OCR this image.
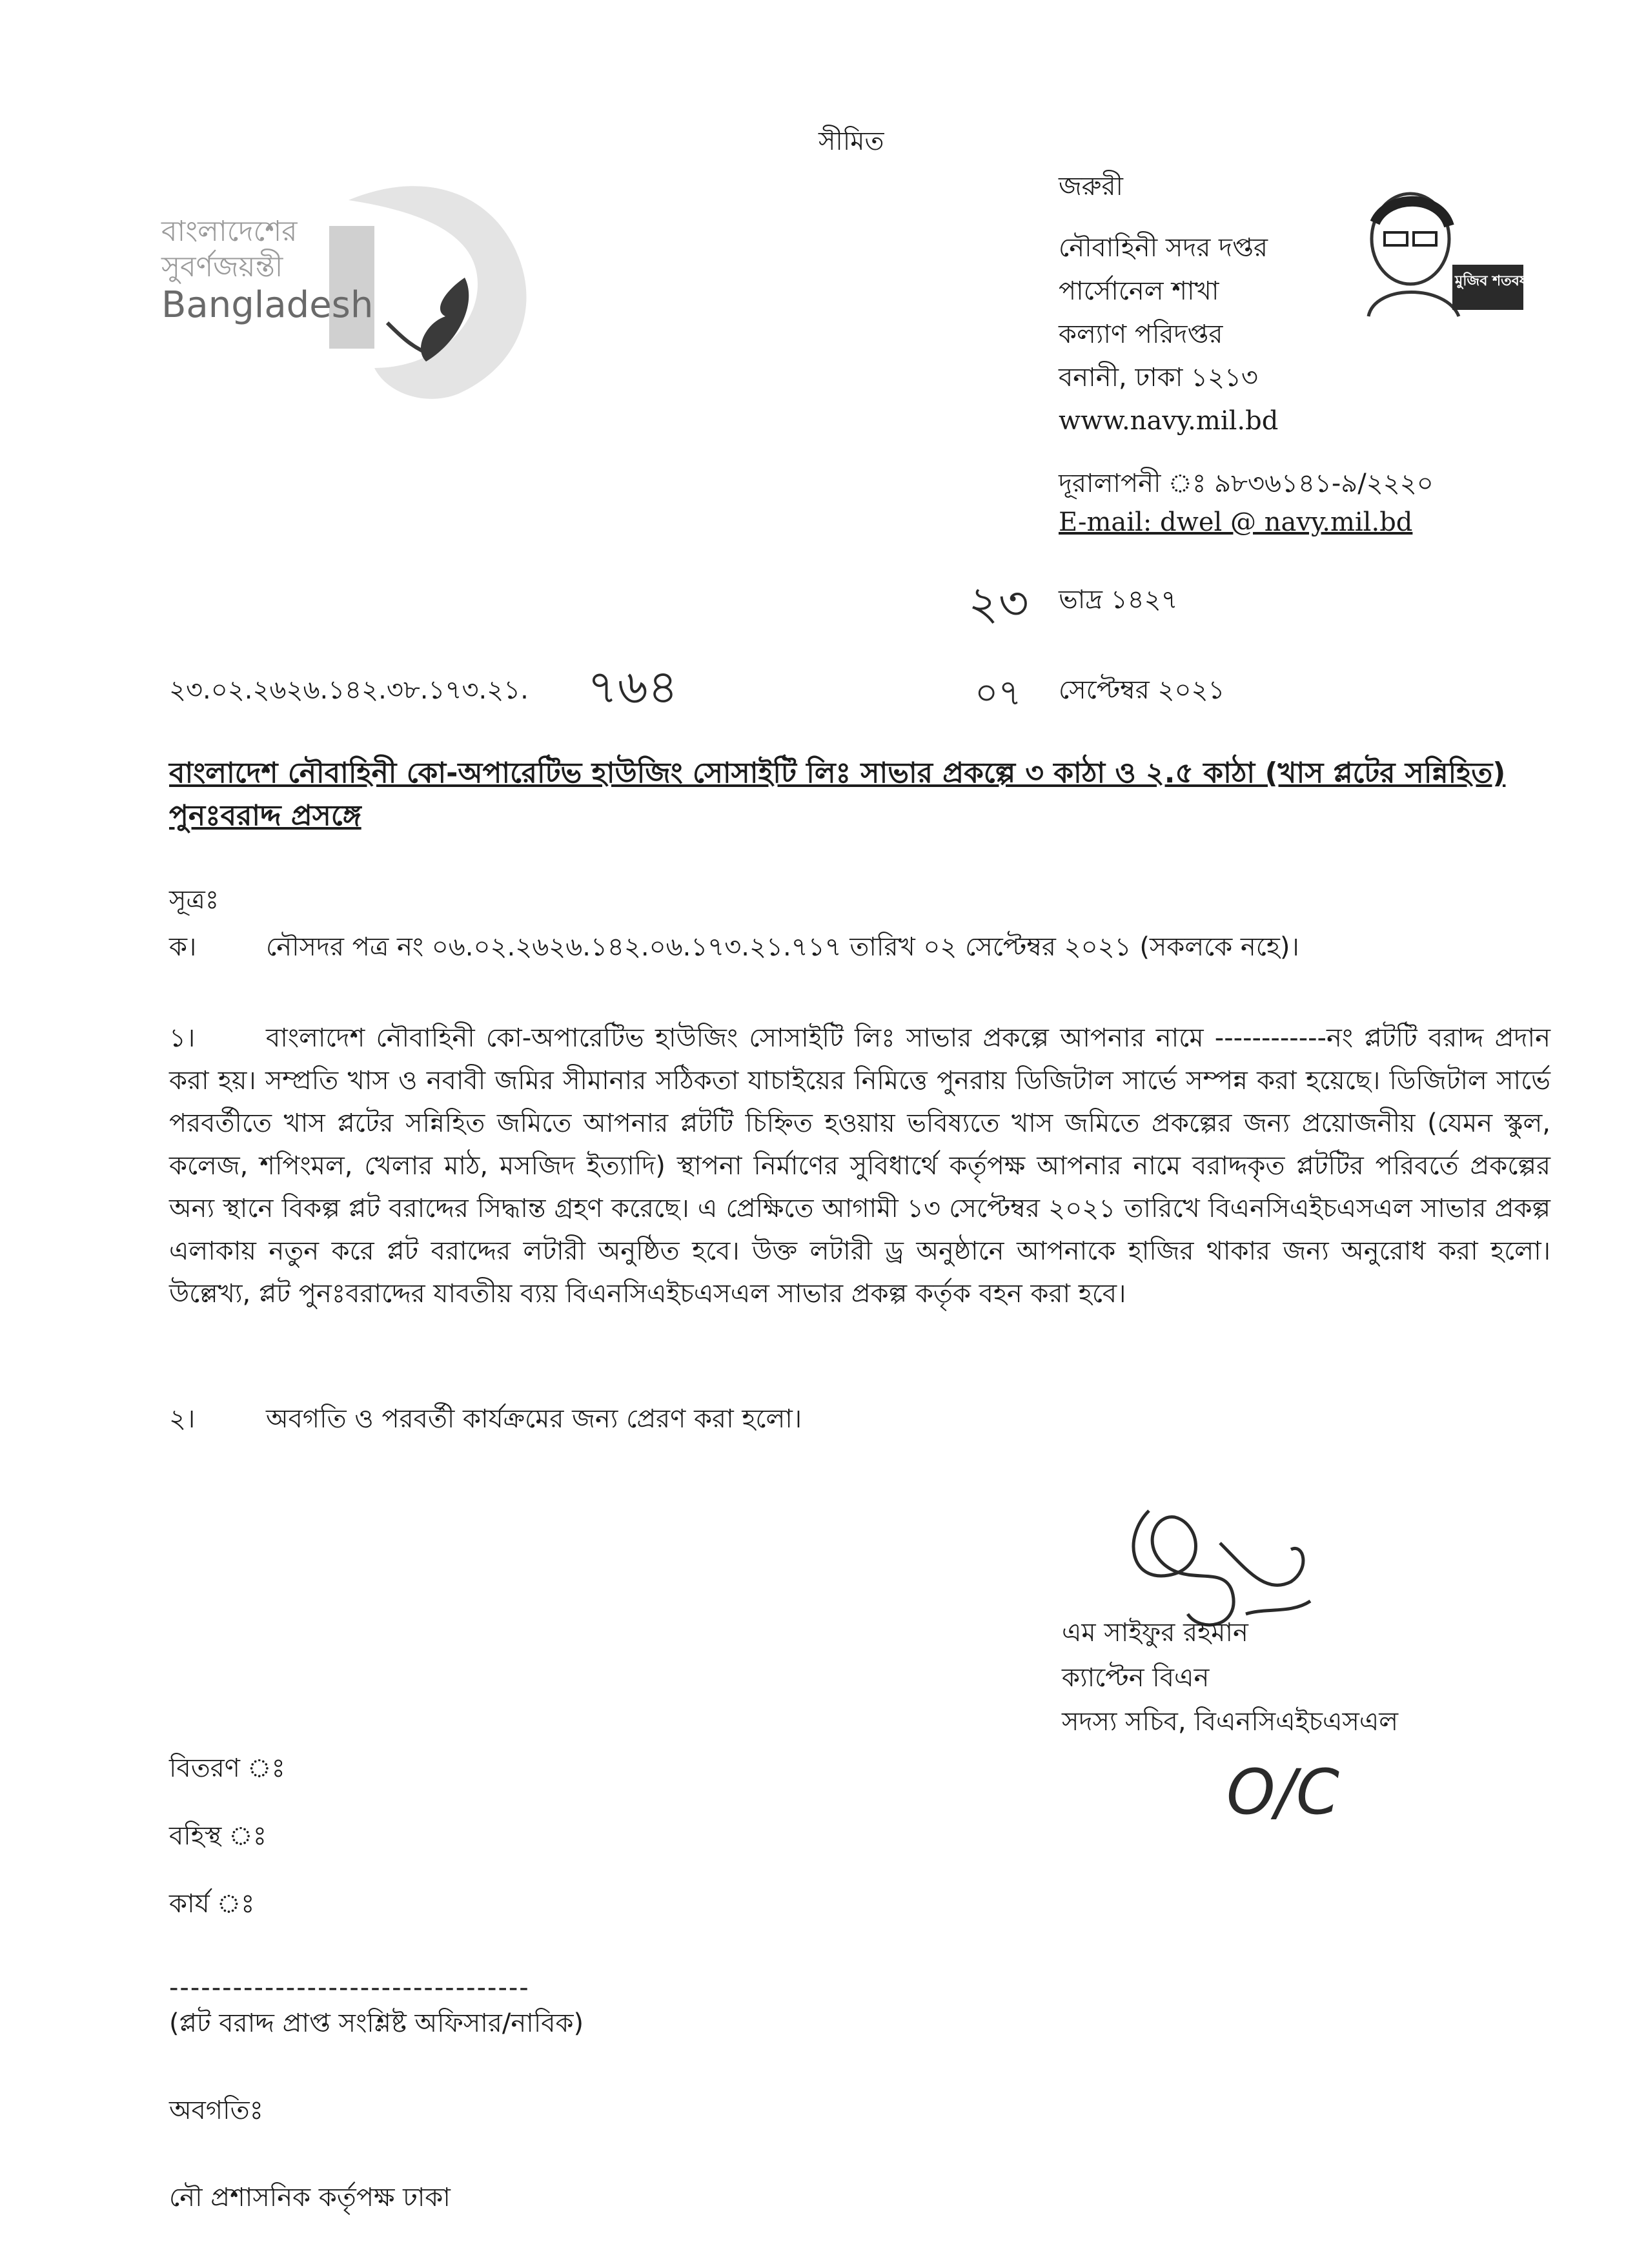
বাংলাদেশের
সুবর্ণজয়ন্তী
Bangladesh
সীমিত
জরুরী
নৌবাহিনী সদর দপ্তর
পার্সোনেল শাখা
কল্যাণ পরিদপ্তর
বনানী, ঢাকা ১২১৩
www.navy.mil.bd
দূরালাপনী ঃ ৯৮৩৬১৪১-৯/২২২০
E-mail: dwel @ navy.mil.bd
মুজিব শতবর্ষ
২৩ ভাদ্র ১৪২৭
২৩.০২.২৬২৬.১৪২.৩৮.১৭৩.২১. ৭৬৪	০৭ সেপ্টেম্বর ২০২১
বাংলাদেশ নৌবাহিনী কো-অপারেটিভ হাউজিং সোসাইটি লিঃ সাভার প্রকল্পে ৩ কাঠা ও ২.৫ কাঠা (খাস প্লটের সন্নিহিত)
পুনঃবরাদ্দ প্রসঙ্গে
সূত্রঃ
ক।	নৌসদর পত্র নং ০৬.০২.২৬২৬.১৪২.০৬.১৭৩.২১.৭১৭ তারিখ ০২ সেপ্টেম্বর ২০২১ (সকলকে নহে)।
১।	বাংলাদেশ নৌবাহিনী কো-অপারেটিভ হাউজিং সোসাইটি লিঃ সাভার প্রকল্পে আপনার নামে ------------নং প্লটটি বরাদ্দ প্রদান করা হয়। সম্প্রতি খাস ও নবাবী জমির সীমানার সঠিকতা যাচাইয়ের নিমিত্তে পুনরায় ডিজিটাল সার্ভে সম্পন্ন করা হয়েছে। ডিজিটাল সার্ভে পরবর্তীতে খাস প্লটের সন্নিহিত জমিতে আপনার প্লটটি চিহ্নিত হওয়ায় ভবিষ্যতে খাস জমিতে প্রকল্পের জন্য প্রয়োজনীয় (যেমন স্কুল, কলেজ, শপিংমল, খেলার মাঠ, মসজিদ ইত্যাদি) স্থাপনা নির্মাণের সুবিধার্থে কর্তৃপক্ষ আপনার নামে বরাদ্দকৃত প্লটটির পরিবর্তে প্রকল্পের অন্য স্থানে বিকল্প প্লট বরাদ্দের সিদ্ধান্ত গ্রহণ করেছে। এ প্রেক্ষিতে আগামী ১৩ সেপ্টেম্বর ২০২১ তারিখে বিএনসিএইচএসএল সাভার প্রকল্প এলাকায় নতুন করে প্লট বরাদ্দের লটারী অনুষ্ঠিত হবে। উক্ত লটারী ড্র অনুষ্ঠানে আপনাকে হাজির থাকার জন্য অনুরোধ করা হলো। উল্লেখ্য, প্লট পুনঃবরাদ্দের যাবতীয় ব্যয় বিএনসিএইচএসএল সাভার প্রকল্প কর্তৃক বহন করা হবে।
২।	অবগতি ও পরবর্তী কার্যক্রমের জন্য প্রেরণ করা হলো।
এম সাইফুর রহমান
ক্যাপ্টেন বিএন
সদস্য সচিব, বিএনসিএইচএসএল
O/C
বিতরণ ঃ
বহিস্থ ঃ
কার্য ঃ
----------------------------------
(প্লট বরাদ্দ প্রাপ্ত সংশ্লিষ্ট অফিসার/নাবিক)
অবগতিঃ
নৌ প্রশাসনিক কর্তৃপক্ষ ঢাকা
